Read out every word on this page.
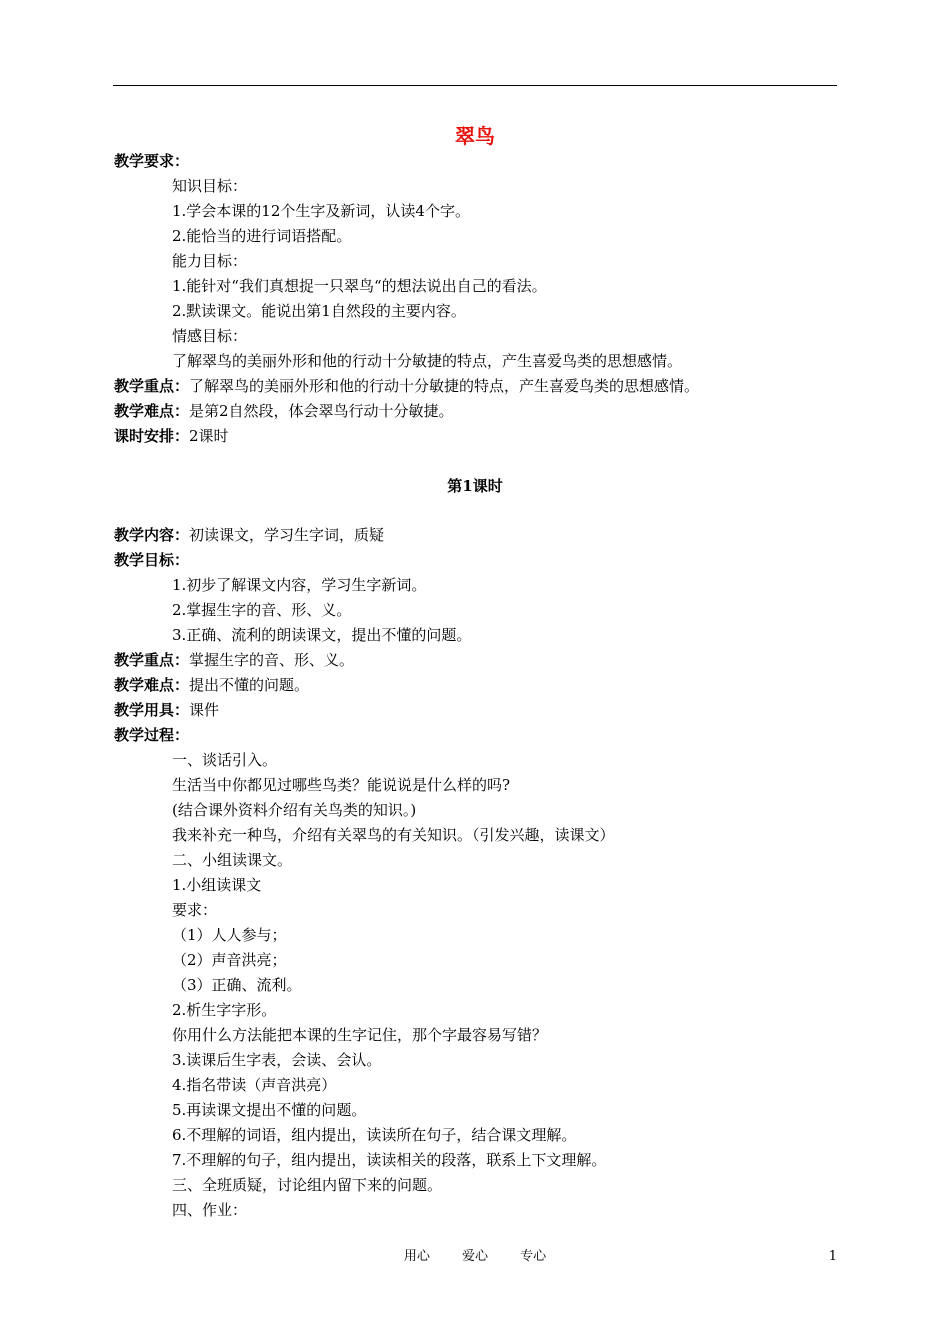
翠鸟
教学要求：
知识目标：
1.学会本课的12个生字及新词，认读4个字。
2.能恰当的进行词语搭配。
能力目标：
1.能针对“我们真想捉一只翠鸟“的想法说出自己的看法。
2.默读课文。能说出第1自然段的主要内容。
情感目标：
了解翠鸟的美丽外形和他的行动十分敏捷的特点，产生喜爱鸟类的思想感情。
教学重点：了解翠鸟的美丽外形和他的行动十分敏捷的特点，产生喜爱鸟类的思想感情。
教学难点：是第2自然段，体会翠鸟行动十分敏捷。
课时安排：2课时
第1课时
教学内容：初读课文，学习生字词，质疑
教学目标：
1.初步了解课文内容，学习生字新词。
2.掌握生字的音、形、义。
3.正确、流利的朗读课文，提出不懂的问题。
教学重点：掌握生字的音、形、义。
教学难点：提出不懂的问题。
教学用具：课件
教学过程：
一、谈话引入。
生活当中你都见过哪些鸟类？能说说是什么样的吗?
(结合课外资料介绍有关鸟类的知识。)
我来补充一种鸟，介绍有关翠鸟的有关知识。（引发兴趣，读课文）
二、小组读课文。
1.小组读课文
要求：
（1）人人参与；
（2）声音洪亮；
（3）正确、流利。
2.析生字字形。
你用什么方法能把本课的生字记住，那个字最容易写错？
3.读课后生字表，会读、会认。
4.指名带读（声音洪亮）
5.再读课文提出不懂的问题。
6.不理解的词语，组内提出，读读所在句子，结合课文理解。
7.不理解的句子，组内提出，读读相关的段落，联系上下文理解。
三、全班质疑，讨论组内留下来的问题。
四、作业：
用心 爱心 专心	1
